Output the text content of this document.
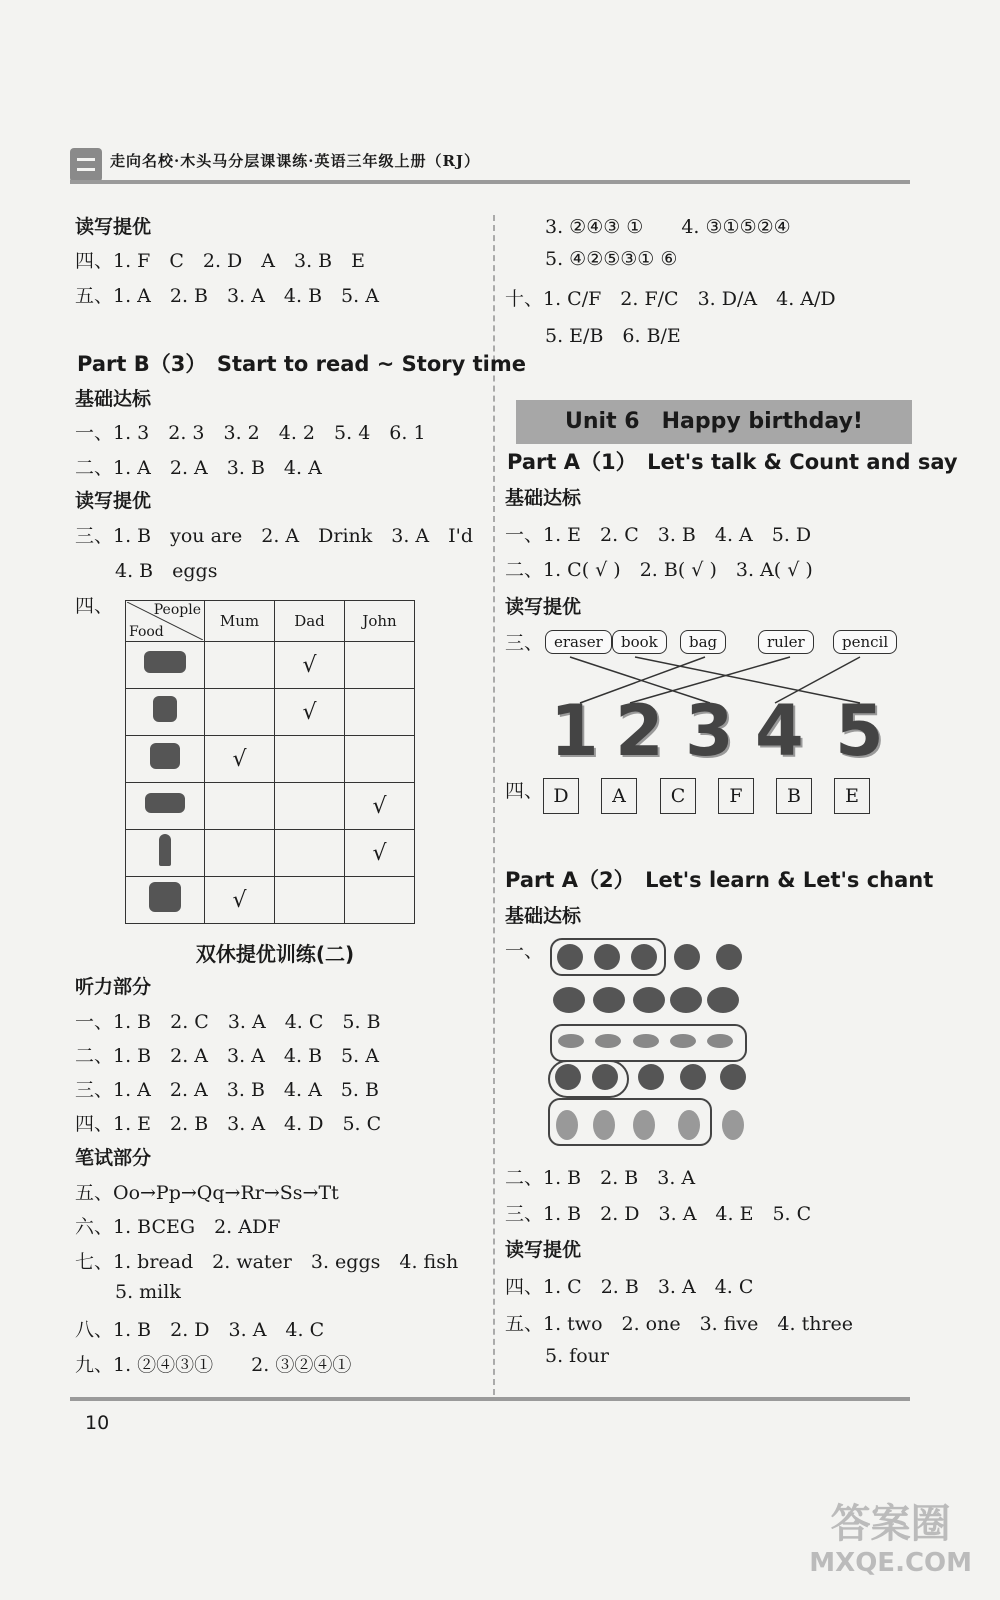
走向名校·木头马分层课课练·英语三年级上册（RJ）
读写提优
四、1. F　C　2. D　A　3. B　E
五、1. A　2. B　3. A　4. B　5. A
Part B（3）　Start to read ~ Story time
基础达标
一、1. 3　2. 3　3. 2　4. 2　5. 4　6. 1
二、1. A　2. A　3. B　4. A
读写提优
三、1. B　you are　2. A　Drink　3. A　I'd
4. B　eggs
四、	People
Food	Mum	Dad	John
		√	
		√	
	√		
			√
			√
	√		
双休提优训练(二)
听力部分
一、1. B　2. C　3. A　4. C　5. B
二、1. B　2. A　3. A　4. B　5. A
三、1. A　2. A　3. B　4. A　5. B
四、1. E　2. B　3. A　4. D　5. C
笔试部分
五、Oo→Pp→Qq→Rr→Ss→Tt
六、1. BCEG　2. ADF
七、1. bread　2. water　3. eggs　4. fish
5. milk
八、1. B　2. D　3. A　4. C
九、1. ②④③①　　2. ③②④①
3. ②④③ ①　　4. ③①⑤②④
5. ④②⑤③① ⑥
十、1. C/F　2. F/C　3. D/A　4. A/D
5. E/B　6. B/E
Unit 6　Happy birthday!
Part A（1）　Let's talk & Count and say
基础达标
一、1. E　2. C　3. B　4. A　5. D
二、1. C( √ )　2. B( √ )　3. A( √ )
读写提优
三、 eraser	book	bag	ruler	pencil
1 2 3 4 5
四、 D	A	C	F	B	E
Part A（2）　Let's learn & Let's chant
基础达标
一、
二、1. B　2. B　3. A
三、1. B　2. D　3. A　4. E　5. C
读写提优
四、1. C　2. B　3. A　4. C
五、1. two　2. one　3. five　4. three
5. four
10
答案圈
MXQE.COM
